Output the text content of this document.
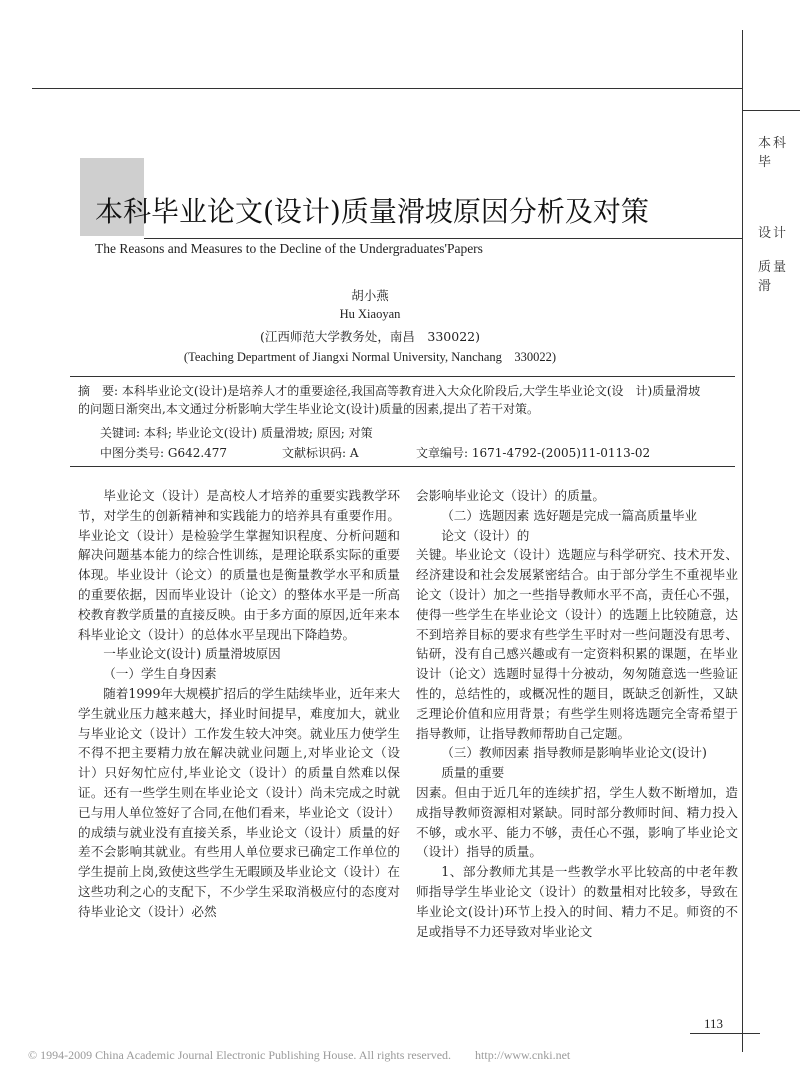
本科毕
设计
质量滑
本科毕业论文(设计)质量滑坡原因分析及对策
The Reasons and Measures to the Decline of the Undergraduates'Papers
胡小燕
Hu Xiaoyan
(江西师范大学教务处，南昌　330022)
(Teaching Department of Jiangxi Normal University, Nanchang　330022)
摘　要: 本科毕业论文(设计)是培养人才的重要途径,我国高等教育进入大众化阶段后,大学生毕业论文(设　计)质量滑坡
的问题日渐突出,本文通过分析影响大学生毕业论文(设计)质量的因素,提出了若干对策。
关键词: 本科; 毕业论文(设计) 质量滑坡; 原因; 对策
中图分类号: G642.477	文献标识码: A	文章编号: 1671-4792-(2005)11-0113-02

毕业论文（设计）是高校人才培养的重要实践教学环节，对学生的创新精神和实践能力的培养具有重要作用。毕业论文（设计）是检验学生掌握知识程度、分析问题和解决问题基本能力的综合性训练，是理论联系实际的重要体现。毕业设计（论文）的质量也是衡量教学水平和质量的重要依据，因而毕业设计（论文）的整体水平是一所高校教育教学质量的直接反映。由于多方面的原因,近年来本科毕业论文（设计）的总体水平呈现出下降趋势。

一毕业论文(设计) 质量滑坡原因

（一）学生自身因素

随着1999年大规模扩招后的学生陆续毕业，近年来大学生就业压力越来越大，择业时间提早，难度加大，就业与毕业论文（设计）工作发生较大冲突。就业压力使学生不得不把主要精力放在解决就业问题上,对毕业论文（设计）只好匆忙应付,毕业论文（设计）的质量自然难以保证。还有一些学生则在毕业论文（设计）尚未完成之时就已与用人单位签好了合同,在他们看来，毕业论文（设计）的成绩与就业没有直接关系，毕业论文（设计）质量的好差不会影响其就业。有些用人单位要求已确定工作单位的学生提前上岗,致使这些学生无暇顾及毕业论文（设计）在这些功利之心的支配下，不少学生采取消极应付的态度对待毕业论文（设计）必然

会影响毕业论文（设计）的质量。

（二）选题因素 选好题是完成一篇高质量毕业

论文（设计）的

关键。毕业论文（设计）选题应与科学研究、技术开发、经济建设和社会发展紧密结合。由于部分学生不重视毕业论文（设计）加之一些指导教师水平不高，责任心不强，使得一些学生在毕业论文（设计）的选题上比较随意，达不到培养目标的要求有些学生平时对一些问题没有思考、钻研，没有自己感兴趣或有一定资料积累的课题，在毕业设计（论文）选题时显得十分被动，匆匆随意选一些验证性的，总结性的，或概况性的题目，既缺乏创新性，又缺乏理论价值和应用背景；有些学生则将选题完全寄希望于指导教师，让指导教师帮助自己定题。

（三）教师因素 指导教师是影响毕业论文(设计)

质量的重要

因素。但由于近几年的连续扩招，学生人数不断增加，造成指导教师资源相对紧缺。同时部分教师时间、精力投入不够，或水平、能力不够，责任心不强，影响了毕业论文（设计）指导的质量。

1、部分教师尤其是一些教学水平比较高的中老年教师指导学生毕业论文（设计）的数量相对比较多，导致在毕业论文(设计)环节上投入的时间、精力不足。师资的不足或指导不力还导致对毕业论文

113
© 1994-2009 China Academic Journal Electronic Publishing House. All rights reserved.　　http://www.cnki.net
